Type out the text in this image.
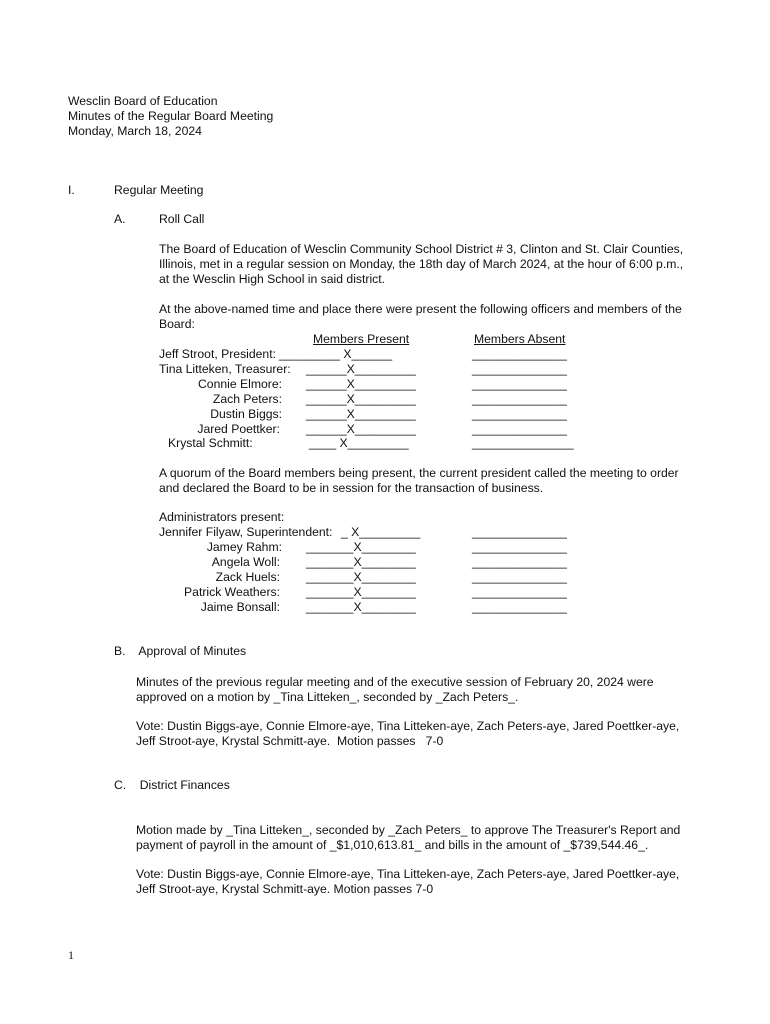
Wesclin Board of Education
Minutes of the Regular Board Meeting
Monday, March 18, 2024
I.	Regular Meeting
A.	Roll Call
The Board of Education of Wesclin Community School District # 3, Clinton and St. Clair Counties,
Illinois, met in a regular session on Monday, the 18th day of March 2024, at the hour of 6:00 p.m.,
at the Wesclin High School in said district.
At the above-named time and place there were present the following officers and members of the
Board:
Members Present	Members Absent
Jeff Stroot, President: _________ X______	______________
Tina Litteken, Treasurer: ______X_________	______________
Connie Elmore: ______X_________	______________
Zach Peters: ______X_________	______________
Dustin Biggs: ______X_________	______________
Jared Poettker: ______X_________	______________
Krystal Schmitt:	____ X_________	_______________
A quorum of the Board members being present, the current president called the meeting to order
and declared the Board to be in session for the transaction of business.
Administrators present:
Jennifer Filyaw, Superintendent: _ X_________	______________
Jamey Rahm: _______X________	______________
Angela Woll: _______X________	______________
Zack Huels: _______X________	______________
Patrick Weathers: _______X________	______________
Jaime Bonsall: _______X________	______________
B.    Approval of Minutes
Minutes of the previous regular meeting and of the executive session of February 20, 2024 were
approved on a motion by _Tina Litteken_, seconded by _Zach Peters_.
Vote: Dustin Biggs-aye, Connie Elmore-aye, Tina Litteken-aye, Zach Peters-aye, Jared Poettker-aye,
Jeff Stroot-aye, Krystal Schmitt-aye.  Motion passes   7-0
C.    District Finances
Motion made by _Tina Litteken_, seconded by _Zach Peters_ to approve The Treasurer's Report and
payment of payroll in the amount of _$1,010,613.81_ and bills in the amount of _$739,544.46_.
Vote: Dustin Biggs-aye, Connie Elmore-aye, Tina Litteken-aye, Zach Peters-aye, Jared Poettker-aye,
Jeff Stroot-aye, Krystal Schmitt-aye. Motion passes 7-0
1
